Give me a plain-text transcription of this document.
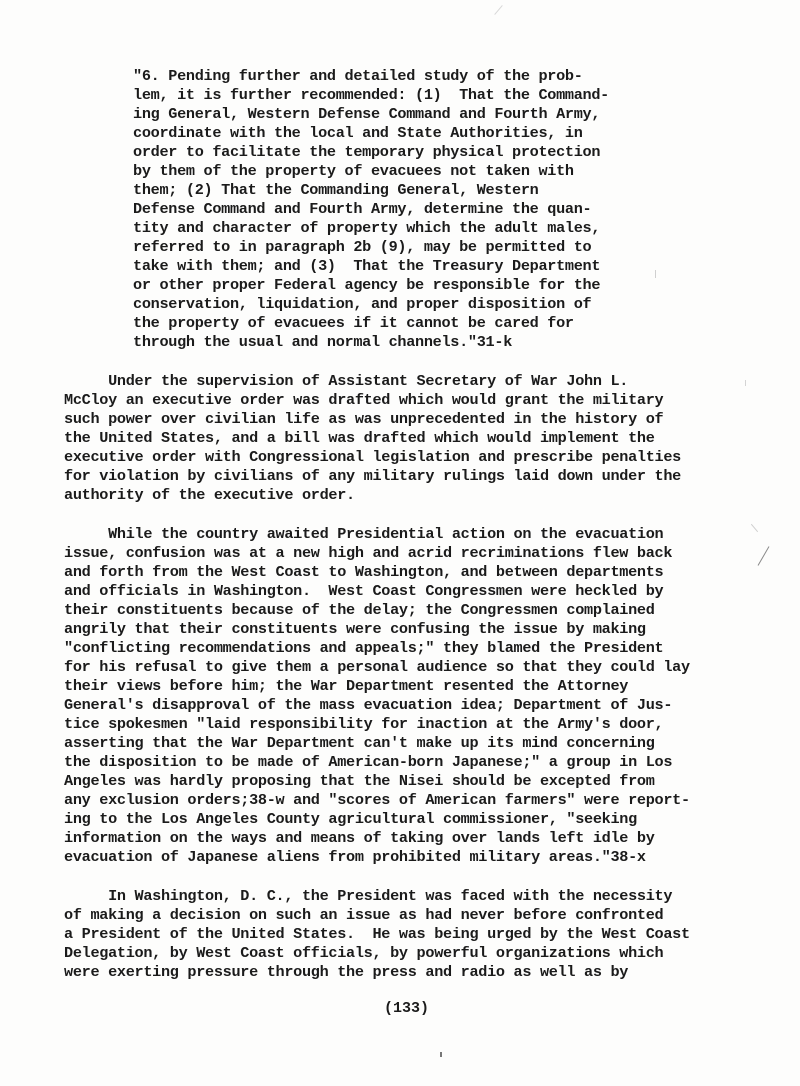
"6. Pending further and detailed study of the prob-
lem, it is further recommended: (1)  That the Command-
ing General, Western Defense Command and Fourth Army,
coordinate with the local and State Authorities, in
order to facilitate the temporary physical protection
by them of the property of evacuees not taken with
them; (2) That the Commanding General, Western
Defense Command and Fourth Army, determine the quan-
tity and character of property which the adult males,
referred to in paragraph 2b (9), may be permitted to
take with them; and (3)  That the Treasury Department
or other proper Federal agency be responsible for the
conservation, liquidation, and proper disposition of
the property of evacuees if it cannot be cared for
through the usual and normal channels."31-k
Under the supervision of Assistant Secretary of War John L.
McCloy an executive order was drafted which would grant the military
such power over civilian life as was unprecedented in the history of
the United States, and a bill was drafted which would implement the
executive order with Congressional legislation and prescribe penalties
for violation by civilians of any military rulings laid down under the
authority of the executive order.
While the country awaited Presidential action on the evacuation
issue, confusion was at a new high and acrid recriminations flew back
and forth from the West Coast to Washington, and between departments
and officials in Washington.  West Coast Congressmen were heckled by
their constituents because of the delay; the Congressmen complained
angrily that their constituents were confusing the issue by making
"conflicting recommendations and appeals;" they blamed the President
for his refusal to give them a personal audience so that they could lay
their views before him; the War Department resented the Attorney
General's disapproval of the mass evacuation idea; Department of Jus-
tice spokesmen "laid responsibility for inaction at the Army's door,
asserting that the War Department can't make up its mind concerning
the disposition to be made of American-born Japanese;" a group in Los
Angeles was hardly proposing that the Nisei should be excepted from
any exclusion orders;38-w and "scores of American farmers" were report-
ing to the Los Angeles County agricultural commissioner, "seeking
information on the ways and means of taking over lands left idle by
evacuation of Japanese aliens from prohibited military areas."38-x
In Washington, D. C., the President was faced with the necessity
of making a decision on such an issue as had never before confronted
a President of the United States.  He was being urged by the West Coast
Delegation, by West Coast officials, by powerful organizations which
were exerting pressure through the press and radio as well as by
(133)
